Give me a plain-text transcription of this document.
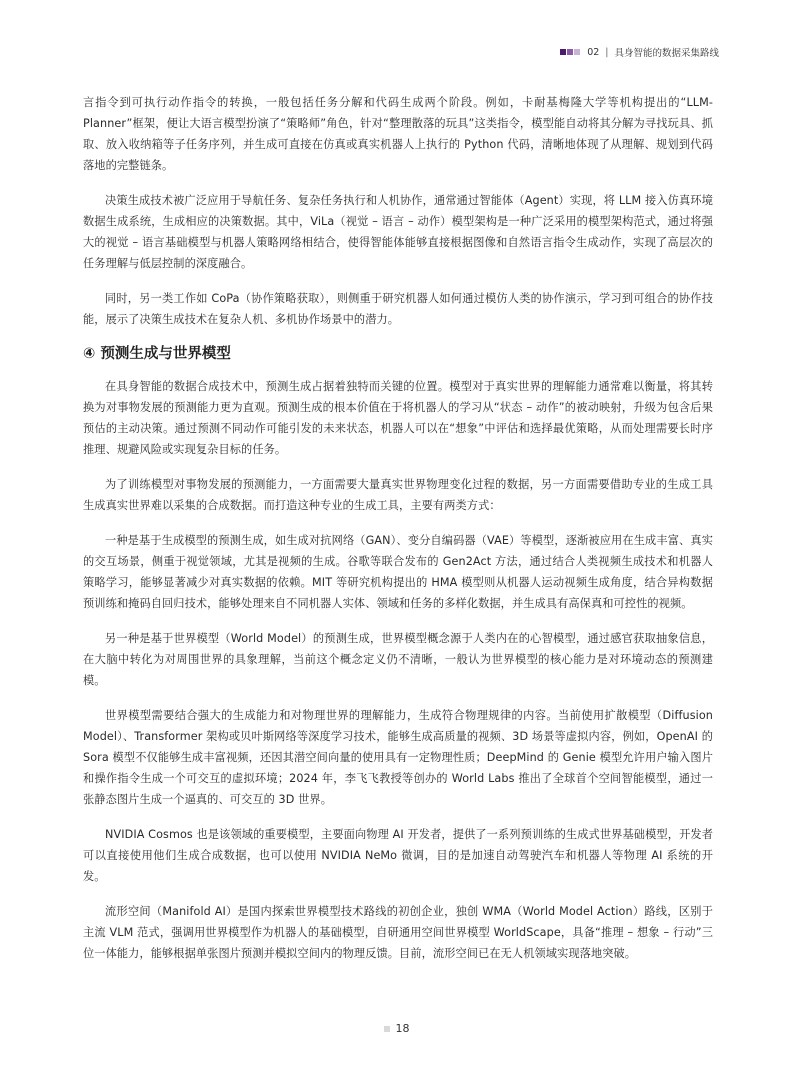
02 | 具身智能的数据采集路线

言指令到可执行动作指令的转换，一般包括任务分解和代码生成两个阶段。例如，卡耐基梅隆大学等机构提出的“LLM-Planner”框架，便让大语言模型扮演了“策略师”角色，针对“整理散落的玩具”这类指令，模型能自动将其分解为寻找玩具、抓取、放入收纳箱等子任务序列，并生成可直接在仿真或真实机器人上执行的 Python 代码，清晰地体现了从理解、规划到代码落地的完整链条。

决策生成技术被广泛应用于导航任务、复杂任务执行和人机协作，通常通过智能体（Agent）实现，将 LLM 接入仿真环境数据生成系统，生成相应的决策数据。其中，ViLa（视觉 – 语言 – 动作）模型架构是一种广泛采用的模型架构范式，通过将强大的视觉 – 语言基础模型与机器人策略网络相结合，使得智能体能够直接根据图像和自然语言指令生成动作，实现了高层次的任务理解与低层控制的深度融合。

同时，另一类工作如 CoPa（协作策略获取），则侧重于研究机器人如何通过模仿人类的协作演示，学习到可组合的协作技能，展示了决策生成技术在复杂人机、多机协作场景中的潜力。

④ 预测生成与世界模型

在具身智能的数据合成技术中，预测生成占据着独特而关键的位置。模型对于真实世界的理解能力通常难以衡量，将其转换为对事物发展的预测能力更为直观。预测生成的根本价值在于将机器人的学习从“状态 – 动作”的被动映射，升级为包含后果预估的主动决策。通过预测不同动作可能引发的未来状态，机器人可以在“想象”中评估和选择最优策略，从而处理需要长时序推理、规避风险或实现复杂目标的任务。

为了训练模型对事物发展的预测能力，一方面需要大量真实世界物理变化过程的数据，另一方面需要借助专业的生成工具生成真实世界难以采集的合成数据。而打造这种专业的生成工具，主要有两类方式：

一种是基于生成模型的预测生成，如生成对抗网络（GAN）、变分自编码器（VAE）等模型，逐渐被应用在生成丰富、真实的交互场景，侧重于视觉领域，尤其是视频的生成。谷歌等联合发布的 Gen2Act 方法，通过结合人类视频生成技术和机器人策略学习，能够显著减少对真实数据的依赖。MIT 等研究机构提出的 HMA 模型则从机器人运动视频生成角度，结合异构数据预训练和掩码自回归技术，能够处理来自不同机器人实体、领域和任务的多样化数据，并生成具有高保真和可控性的视频。

另一种是基于世界模型（World Model）的预测生成，世界模型概念源于人类内在的心智模型，通过感官获取抽象信息，在大脑中转化为对周围世界的具象理解，当前这个概念定义仍不清晰，一般认为世界模型的核心能力是对环境动态的预测建模。

世界模型需要结合强大的生成能力和对物理世界的理解能力，生成符合物理规律的内容。当前使用扩散模型（Diffusion Model）、Transformer 架构或贝叶斯网络等深度学习技术，能够生成高质量的视频、3D 场景等虚拟内容，例如，OpenAI 的 Sora 模型不仅能够生成丰富视频，还因其潜空间向量的使用具有一定物理性质；DeepMind 的 Genie 模型允许用户输入图片和操作指令生成一个可交互的虚拟环境；2024 年，李飞飞教授等创办的 World Labs 推出了全球首个空间智能模型，通过一张静态图片生成一个逼真的、可交互的 3D 世界。

NVIDIA Cosmos 也是该领域的重要模型，主要面向物理 AI 开发者，提供了一系列预训练的生成式世界基础模型，开发者可以直接使用他们生成合成数据，也可以使用 NVIDIA NeMo 微调，目的是加速自动驾驶汽车和机器人等物理 AI 系统的开发。

流形空间（Manifold AI）是国内探索世界模型技术路线的初创企业，独创 WMA（World Model Action）路线，区别于主流 VLM 范式，强调用世界模型作为机器人的基础模型，自研通用空间世界模型 WorldScape，具备“推理 – 想象 – 行动”三位一体能力，能够根据单张图片预测并模拟空间内的物理反馈。目前，流形空间已在无人机领域实现落地突破。

18
